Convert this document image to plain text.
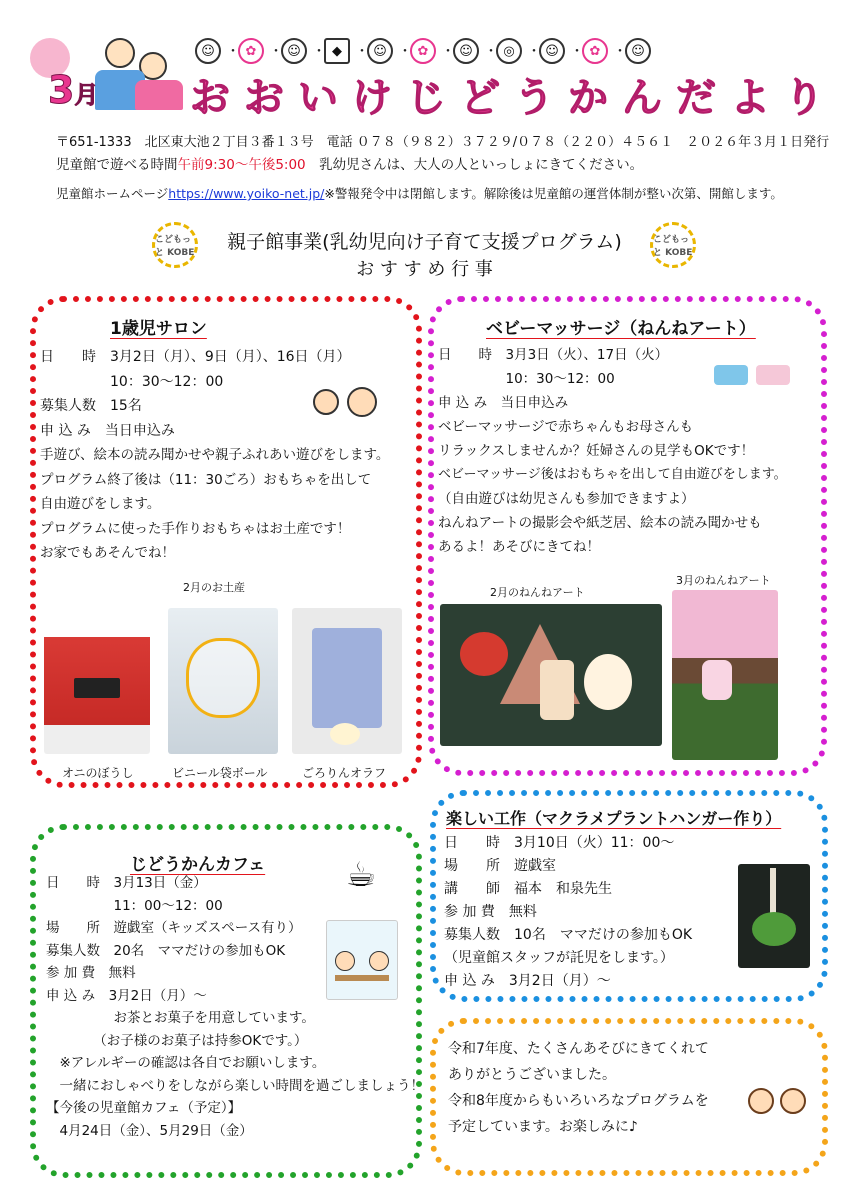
3月
☺ ・ ✿ ・ ☺ ・ ◆ ・ ☺ ・ ✿ ・ ☺ ・ ◎ ・ ☺ ・ ✿ ・ ☺
おおいけじどうかんだより
〒651-1333　北区東大池２丁目３番１３号　電話 ０７８（９８２）３７２９/０７８（２２０）４５６１　２０２６年３月１日発行
児童館で遊べる時間午前9:30～午後5:00　乳幼児さんは、大人の人といっしょにきてください。
児童館ホームページhttps://www.yoiko-net.jp/※警報発令中は閉館します。解除後は児童館の運営体制が整い次第、開館します。
こどもっと KOBE
こどもっと KOBE
親子館事業(乳幼児向け子育て支援プログラム)
お す す め 行 事
1歳児サロン
日　　時　3月2日（月）、9日（月）、16日（月）
　　　　　10：30～12：00
募集人数　15名
申 込 み　当日申込み
手遊び、絵本の読み聞かせや親子ふれあい遊びをします。
プログラム終了後は（11：30ごろ）おもちゃを出して
自由遊びをします。
プログラムに使った手作りおもちゃはお土産です！
お家でもあそんでね！
2月のお土産
オニのぼうし	ビニール袋ボール	ごろりんオラフ
ベビーマッサージ（ねんねアート）
日　　時　3月3日（火）、17日（火）
　　　　　10：30～12：00
申 込 み　当日申込み
ベビーマッサージで赤ちゃんもお母さんも
リラックスしませんか？妊婦さんの見学もOKです！
ベビーマッサージ後はおもちゃを出して自由遊びをします。
（自由遊びは幼児さんも参加できますよ）
ねんねアートの撮影会や紙芝居、絵本の読み聞かせも
あるよ！あそびにきてね！
2月のねんねアート
3月のねんねアート
楽しい工作（マクラメプラントハンガー作り）
日　　時　3月10日（火）11：00～
場　　所　遊戯室
講　　師　福本　和泉先生
参 加 費　無料
募集人数　10名　ママだけの参加もOK
（児童館スタッフが託児をします。）
申 込 み　3月2日（月）～
じどうかんカフェ
日　　時　3月13日（金）
　　　　　11：00～12：00
場　　所　遊戯室（キッズスペース有り）
募集人数　20名　ママだけの参加もOK
参 加 費　無料
申 込 み　3月2日（月）～
　　　　　お茶とお菓子を用意しています。
　　　　（お子様のお菓子は持参OKです。）
　※アレルギーの確認は各自でお願いします。
　一緒におしゃべりをしながら楽しい時間を過ごしましょう！
【今後の児童館カフェ（予定）】
　4月24日（金）、5月29日（金）
☕
令和7年度、たくさんあそびにきてくれて
ありがとうございました。
令和8年度からもいろいろなプログラムを
予定しています。お楽しみに♪
